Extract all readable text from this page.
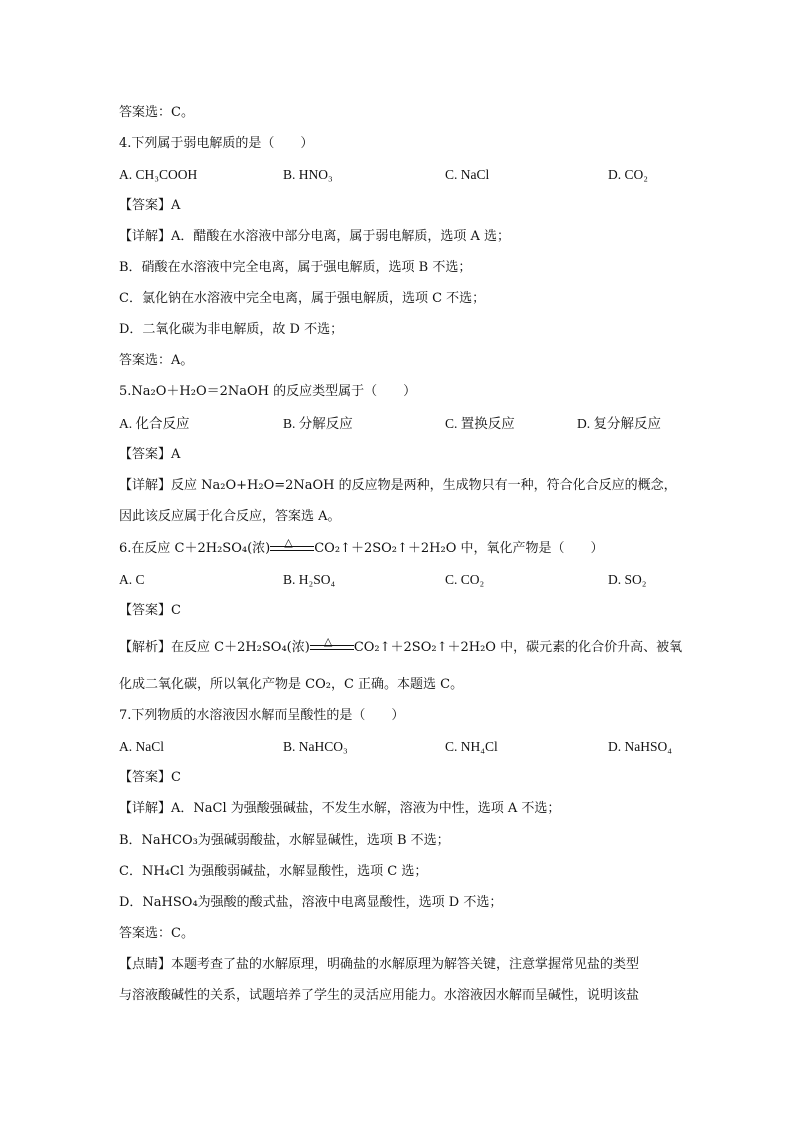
答案选：C。
4.下列属于弱电解质的是（　　）
A. CH₃COOH	B. HNO₃	C. NaCl	D. CO₂
【答案】A
【详解】A．醋酸在水溶液中部分电离，属于弱电解质，选项 A 选；
B．硝酸在水溶液中完全电离，属于强电解质，选项 B 不选；
C．氯化钠在水溶液中完全电离，属于强电解质，选项 C 不选；
D．二氧化碳为非电解质，故 D 不选；
答案选：A。
5.Na₂O＋H₂O＝2NaOH 的反应类型属于（　　）
A. 化合反应	B. 分解反应	C. 置换反应	D. 复分解反应
【答案】A
【详解】反应 Na₂O+H₂O=2NaOH 的反应物是两种，生成物只有一种，符合化合反应的概念，
因此该反应属于化合反应，答案选 A。
6.在反应 C＋2H₂SO₄(浓) △ CO₂↑＋2SO₂↑＋2H₂O 中，氧化产物是（　　）
A. C	B. H₂SO₄	C. CO₂	D. SO₂
【答案】C
【解析】在反应 C＋2H₂SO₄(浓) △ CO₂↑＋2SO₂↑＋2H₂O 中，碳元素的化合价升高、被氧
化成二氧化碳，所以氧化产物是 CO₂，C 正确。本题选 C。
7.下列物质的水溶液因水解而呈酸性的是（　　）
A. NaCl	B. NaHCO₃	C. NH₄Cl	D. NaHSO₄
【答案】C
【详解】A．NaCl 为强酸强碱盐，不发生水解，溶液为中性，选项 A 不选；
B．NaHCO₃为强碱弱酸盐，水解显碱性，选项 B 不选；
C．NH₄Cl 为强酸弱碱盐，水解显酸性，选项 C 选；
D．NaHSO₄为强酸的酸式盐，溶液中电离显酸性，选项 D 不选；
答案选：C。
【点睛】本题考查了盐的水解原理，明确盐的水解原理为解答关键，注意掌握常见盐的类型
与溶液酸碱性的关系，试题培养了学生的灵活应用能力。水溶液因水解而呈碱性，说明该盐
